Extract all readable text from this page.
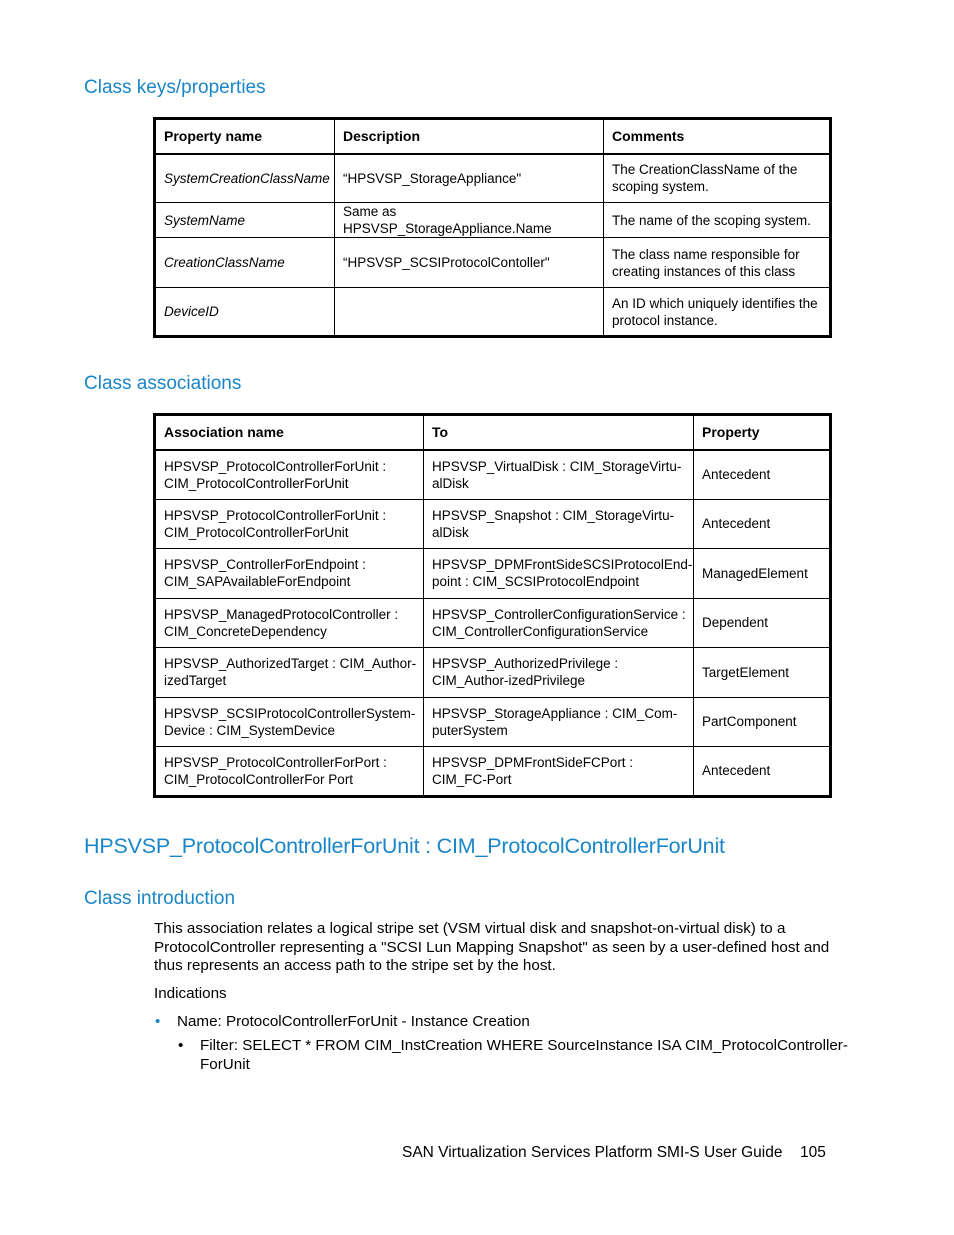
Class keys/properties
Property name	Description	Comments
SystemCreationClassName	“HPSVSP_StorageAppliance"	The CreationClassName of the scoping system.
SystemName	Same as HPSVSP_StorageAppliance.Name	The name of the scoping system.
CreationClassName	“HPSVSP_SCSIProtocolContoller"	The class name responsible for creating instances of this class
DeviceID		An ID which uniquely identifies the protocol instance.
Class associations
Association name	To	Property
HPSVSP_ProtocolControllerForUnit : CIM_ProtocolControllerForUnit	HPSVSP_VirtualDisk : CIM_StorageVirtu-alDisk	Antecedent
HPSVSP_ProtocolControllerForUnit : CIM_ProtocolControllerForUnit	HPSVSP_Snapshot : CIM_StorageVirtu-alDisk	Antecedent
HPSVSP_ControllerForEndpoint : CIM_SAPAvailableForEndpoint	HPSVSP_DPMFrontSideSCSIProtocolEnd-point : CIM_SCSIProtocolEndpoint	ManagedElement
HPSVSP_ManagedProtocolController : CIM_ConcreteDependency	HPSVSP_ControllerConfigurationService : CIM_ControllerConfigurationService	Dependent
HPSVSP_AuthorizedTarget : CIM_Author-izedTarget	HPSVSP_AuthorizedPrivilege : CIM_Author-izedPrivilege	TargetElement
HPSVSP_SCSIProtocolControllerSystem-Device : CIM_SystemDevice	HPSVSP_StorageAppliance : CIM_Com-puterSystem	PartComponent
HPSVSP_ProtocolControllerForPort : CIM_ProtocolControllerFor Port	HPSVSP_DPMFrontSideFCPort : CIM_FC-Port	Antecedent
HPSVSP_ProtocolControllerForUnit : CIM_ProtocolControllerForUnit
Class introduction

This association relates a logical stripe set (VSM virtual disk and snapshot-on-virtual disk) to a ProtocolController representing a "SCSI Lun Mapping Snapshot" as seen by a user-defined host and thus represents an access path to the stripe set by the host.

Indications

• Name: ProtocolControllerForUnit - Instance Creation

• Filter: SELECT * FROM CIM_InstCreation WHERE SourceInstance ISA CIM_ProtocolController-

ForUnit

SAN Virtualization Services Platform SMI-S User Guide 105
